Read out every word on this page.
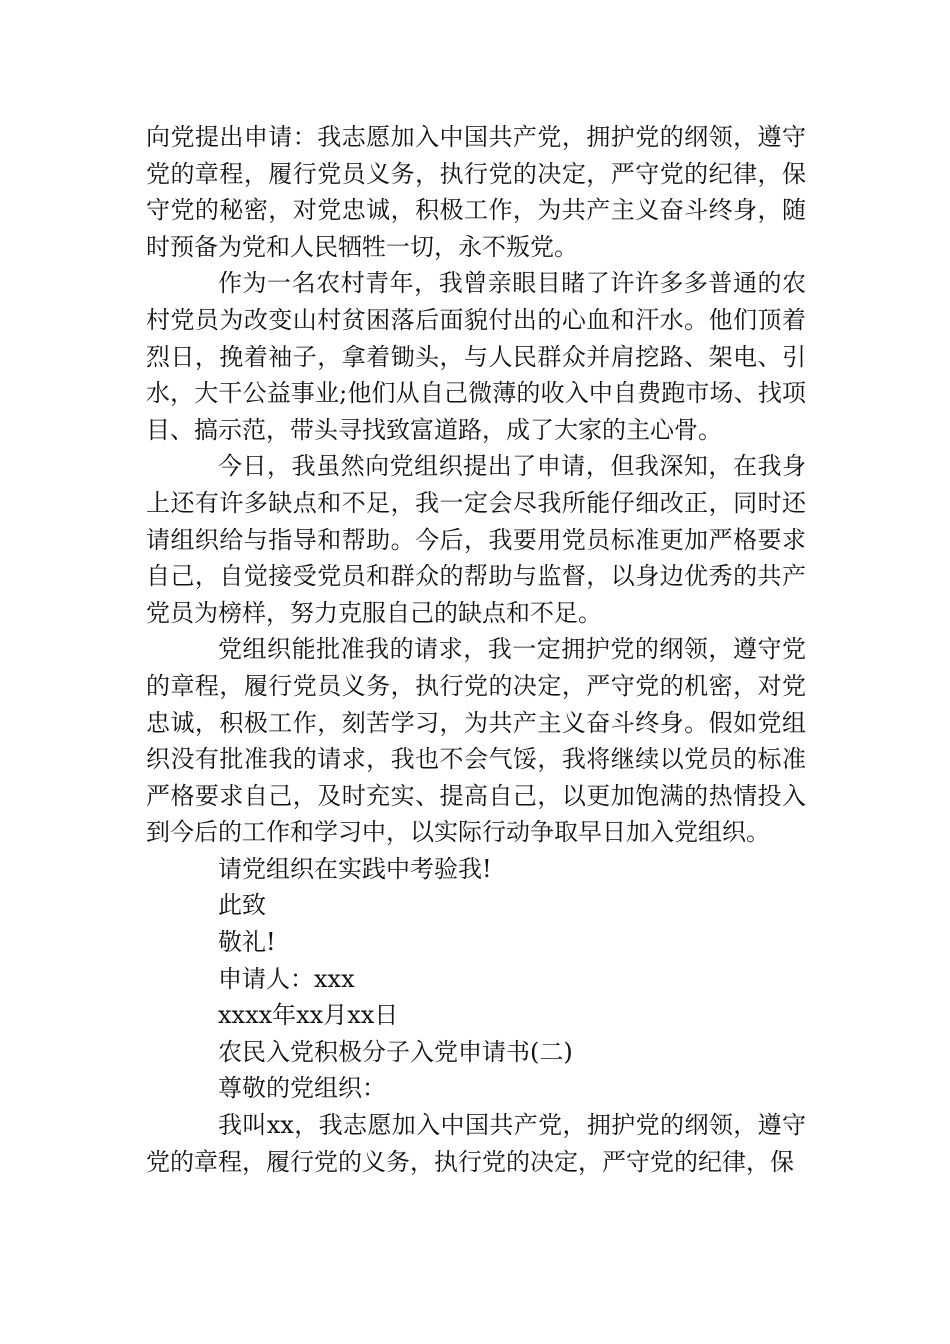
向党提出申请：我志愿加入中国共产党，拥护党的纲领，遵守党的章程，履行党员义务，执行党的决定，严守党的纪律，保守党的秘密，对党忠诚，积极工作，为共产主义奋斗终身，随时预备为党和人民牺牲一切，永不叛党。

作为一名农村青年，我曾亲眼目睹了许许多多普通的农村党员为改变山村贫困落后面貌付出的心血和汗水。他们顶着烈日，挽着袖子，拿着锄头，与人民群众并肩挖路、架电、引水，大干公益事业;他们从自己微薄的收入中自费跑市场、找项目、搞示范，带头寻找致富道路，成了大家的主心骨。

今日，我虽然向党组织提出了申请，但我深知，在我身上还有许多缺点和不足，我一定会尽我所能仔细改正，同时还请组织给与指导和帮助。今后，我要用党员标准更加严格要求自己，自觉接受党员和群众的帮助与监督，以身边优秀的共产党员为榜样，努力克服自己的缺点和不足。

党组织能批准我的请求，我一定拥护党的纲领，遵守党的章程，履行党员义务，执行党的决定，严守党的机密，对党忠诚，积极工作，刻苦学习，为共产主义奋斗终身。假如党组织没有批准我的请求，我也不会气馁，我将继续以党员的标准严格要求自己，及时充实、提高自己，以更加饱满的热情投入到今后的工作和学习中，以实际行动争取早日加入党组织。

请党组织在实践中考验我!

此致

敬礼!

申请人：xxx

xxxx年xx月xx日

农民入党积极分子入党申请书(二)

尊敬的党组织：

我叫xx，我志愿加入中国共产党，拥护党的纲领，遵守党的章程，履行党的义务，执行党的决定，严守党的纪律，保
